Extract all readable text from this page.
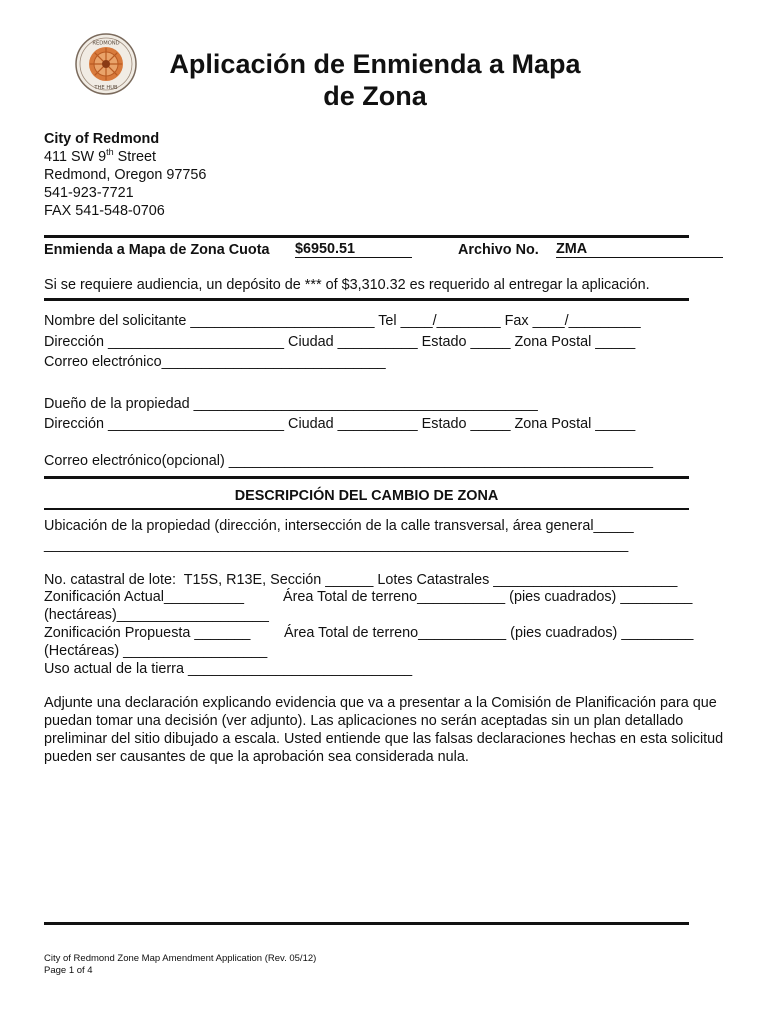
REDMOND
THE HUB
Aplicación de Enmienda a Mapa
de Zona
City of Redmond
411 SW 9th Street
Redmond, Oregon 97756
541-923-7721
FAX 541-548-0706
Enmienda a Mapa de Zona Cuota $6950.51	Archivo No. ZMA
Si se requiere audiencia, un depósito de *** of $3,310.32 es requerido al entregar la aplicación.
Nombre del solicitante _______________________ Tel ____/________ Fax ____/_________
Dirección ______________________ Ciudad __________ Estado _____ Zona Postal _____
Correo electrónico____________________________
Dueño de la propiedad ___________________________________________
Dirección ______________________ Ciudad __________ Estado _____ Zona Postal _____
Correo electrónico(opcional) _____________________________________________________
DESCRIPCIÓN DEL CAMBIO DE ZONA
Ubicación de la propiedad (dirección, intersección de la calle transversal, área general_____
_________________________________________________________________________
No. catastral de lote:  T15S, R13E, Sección ______ Lotes Catastrales _______________________
Zonificación Actual__________	Área Total de terreno___________ (pies cuadrados) _________
(hectáreas)___________________
Zonificación Propuesta _______ Área Total de terreno___________ (pies cuadrados) _________
(Hectáreas) __________________
Uso actual de la tierra ____________________________
Adjunte una declaración explicando evidencia que va a presentar a la Comisión de Planificación para que puedan tomar una decisión (ver adjunto). Las aplicaciones no serán aceptadas sin un plan detallado preliminar del sitio dibujado a escala. Usted entiende que las falsas declaraciones hechas en esta solicitud pueden ser causantes de que la aprobación sea considerada nula.
City of Redmond Zone Map Amendment Application (Rev. 05/12)
Page 1 of 4
